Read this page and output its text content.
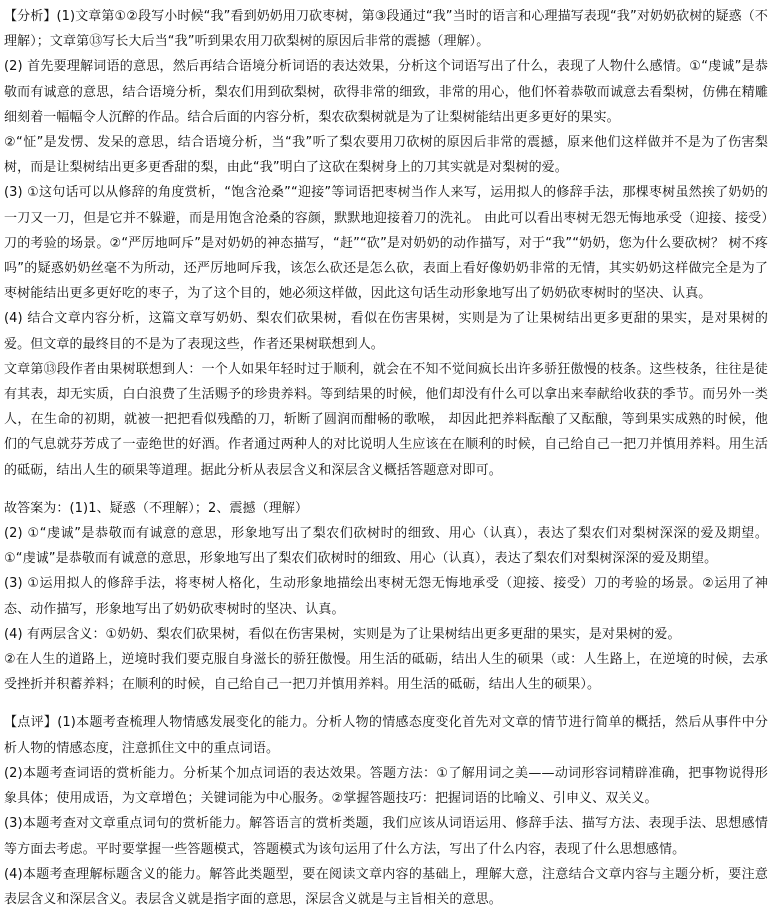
【分析】(1)文章第①②段写小时候“我”看到奶奶用刀砍枣树，第③段通过“我”当时的语言和心理描写表现“我”对奶奶砍树的疑惑（不理解）；文章第⑬写长大后当“我”听到果农用刀砍梨树的原因后非常的震撼（理解）。

(2) 首先要理解词语的意思，然后再结合语境分析词语的表达效果，分析这个词语写出了什么，表现了人物什么感情。①“虔诚”是恭敬而有诚意的意思，结合语境分析，梨农们用到砍梨树，砍得非常的细致，非常的用心，他们怀着恭敬而诚意去看梨树，仿佛在精雕细刻着一幅幅令人沉醉的作品。结合后面的内容分析，梨农砍梨树就是为了让梨树能结出更多更好的果实。

②“怔”是发愣、发呆的意思，结合语境分析，当“我”听了梨农要用刀砍树的原因后非常的震撼，原来他们这样做并不是为了伤害梨树，而是让梨树结出更多更香甜的梨，由此“我”明白了这砍在梨树身上的刀其实就是对梨树的爱。

(3) ①这句话可以从修辞的角度赏析，“饱含沧桑”“迎接”等词语把枣树当作人来写，运用拟人的修辞手法，那棵枣树虽然挨了奶奶的一刀又一刀，但是它并不躲避，而是用饱含沧桑的容颜，默默地迎接着刀的洗礼。 由此可以看出枣树无怨无悔地承受（迎接、接受）刀的考验的场景。②“严厉地呵斥”是对奶奶的神态描写，“赶”“砍”是对奶奶的动作描写，对于“我”“奶奶，您为什么要砍树？ 树不疼吗”的疑惑奶奶丝毫不为所动，还严厉地呵斥我，该怎么砍还是怎么砍，表面上看好像奶奶非常的无情，其实奶奶这样做完全是为了枣树能结出更多更好吃的枣子，为了这个目的，她必须这样做，因此这句话生动形象地写出了奶奶砍枣树时的坚决、认真。

(4) 结合文章内容分析，这篇文章写奶奶、梨农们砍果树，看似在伤害果树，实则是为了让果树结出更多更甜的果实，是对果树的爱。但文章的最终目的不是为了表现这些，作者还果树联想到人。

文章第⑬段作者由果树联想到人：一个人如果年轻时过于顺利，就会在不知不觉间疯长出许多骄狂傲慢的枝条。这些枝条，往往是徒有其表，却无实质，白白浪费了生活赐予的珍贵养料。等到结果的时候，他们却没有什么可以拿出来奉献给收获的季节。而另外一类人，在生命的初期，就被一把把看似残酷的刀，斩断了圆润而酣畅的歌喉， 却因此把养料酝酿了又酝酿，等到果实成熟的时候，他们的气息就芬芳成了一壶绝世的好酒。作者通过两种人的对比说明人生应该在在顺利的时候，自己给自己一把刀并慎用养料。用生活的砥砺，结出人生的硕果等道理。据此分析从表层含义和深层含义概括答题意对即可。

故答案为：(1)1、疑惑（不理解）；2、震撼（理解）

(2) ①“虔诚”是恭敬而有诚意的意思，形象地写出了梨农们砍树时的细致、用心（认真），表达了梨农们对梨树深深的爱及期望。 ①“虔诚”是恭敬而有诚意的意思，形象地写出了梨农们砍树时的细致、用心（认真），表达了梨农们对梨树深深的爱及期望。

(3) ①运用拟人的修辞手法，将枣树人格化，生动形象地描绘出枣树无怨无悔地承受（迎接、接受）刀的考验的场景。②运用了神态、动作描写，形象地写出了奶奶砍枣树时的坚决、认真。

(4) 有两层含义：①奶奶、梨农们砍果树，看似在伤害果树，实则是为了让果树结出更多更甜的果实，是对果树的爱。

②在人生的道路上，逆境时我们要克服自身滋长的骄狂傲慢。用生活的砥砺，结出人生的硕果（或：人生路上，在逆境的时候，去承受挫折并积蓄养料；在顺利的时候，自己给自己一把刀并慎用养料。用生活的砥砺，结出人生的硕果）。

【点评】(1)本题考查梳理人物情感发展变化的能力。分析人物的情感态度变化首先对文章的情节进行简单的概括，然后从事件中分析人物的情感态度，注意抓住文中的重点词语。

(2)本题考查词语的赏析能力。分析某个加点词语的表达效果。答题方法：①了解用词之美——动词形容词精辟准确，把事物说得形象具体；使用成语，为文章增色；关键词能为中心服务。②掌握答题技巧：把握词语的比喻义、引申义、双关义。

(3)本题考查对文章重点词句的赏析能力。解答语言的赏析类题，我们应该从词语运用、修辞手法、描写方法、表现手法、思想感情等方面去考虑。平时要掌握一些答题模式，答题模式为该句运用了什么方法，写出了什么内容，表现了什么思想感情。

(4)本题考查理解标题含义的能力。解答此类题型，要在阅读文章内容的基础上，理解大意，注意结合文章内容与主题分析，要注意表层含义和深层含义。表层含义就是指字面的意思，深层含义就是与主旨相关的意思。
